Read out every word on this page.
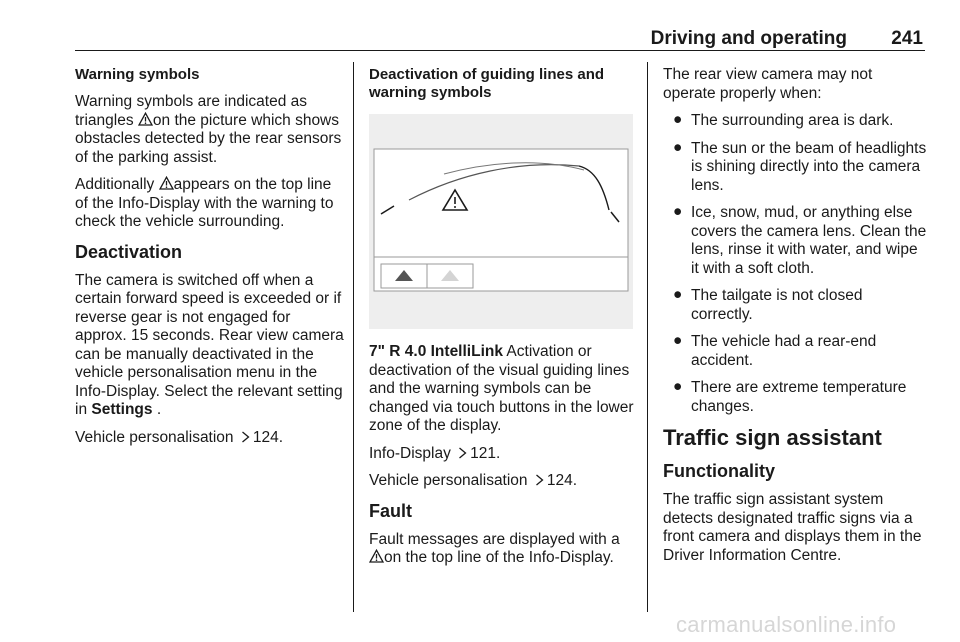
Driving and operating 241

Warning symbols

Warning symbols are indicated as triangles on the picture which shows obstacles detected by the rear sensors of the parking assist.

Additionally appears on the top line of the Info-Display with the warning to check the vehicle surrounding.

Deactivation

The camera is switched off when a certain forward speed is exceeded or if reverse gear is not engaged for approx. 15 seconds. Rear view camera can be manually deactivated in the vehicle personalisation menu in the Info-Display. Select the relevant setting in Settings .

Vehicle personalisation 124.

Deactivation of guiding lines and warning symbols

7" R 4.0 IntelliLink Activation or deactivation of the visual guiding lines and the warning symbols can be changed via touch buttons in the lower zone of the display.

Info-Display 121.

Vehicle personalisation 124.

Fault

Fault messages are displayed with a on the top line of the Info-Display.

The rear view camera may not operate properly when:

● The surrounding area is dark.
● The sun or the beam of headlights is shining directly into the camera lens.
● Ice, snow, mud, or anything else covers the camera lens. Clean the lens, rinse it with water, and wipe it with a soft cloth.
● The tailgate is not closed correctly.
● The vehicle had a rear-end accident.
● There are extreme temperature changes.

Traffic sign assistant

Functionality

The traffic sign assistant system detects designated traffic signs via a front camera and displays them in the Driver Information Centre.

carmanualsonline.info
